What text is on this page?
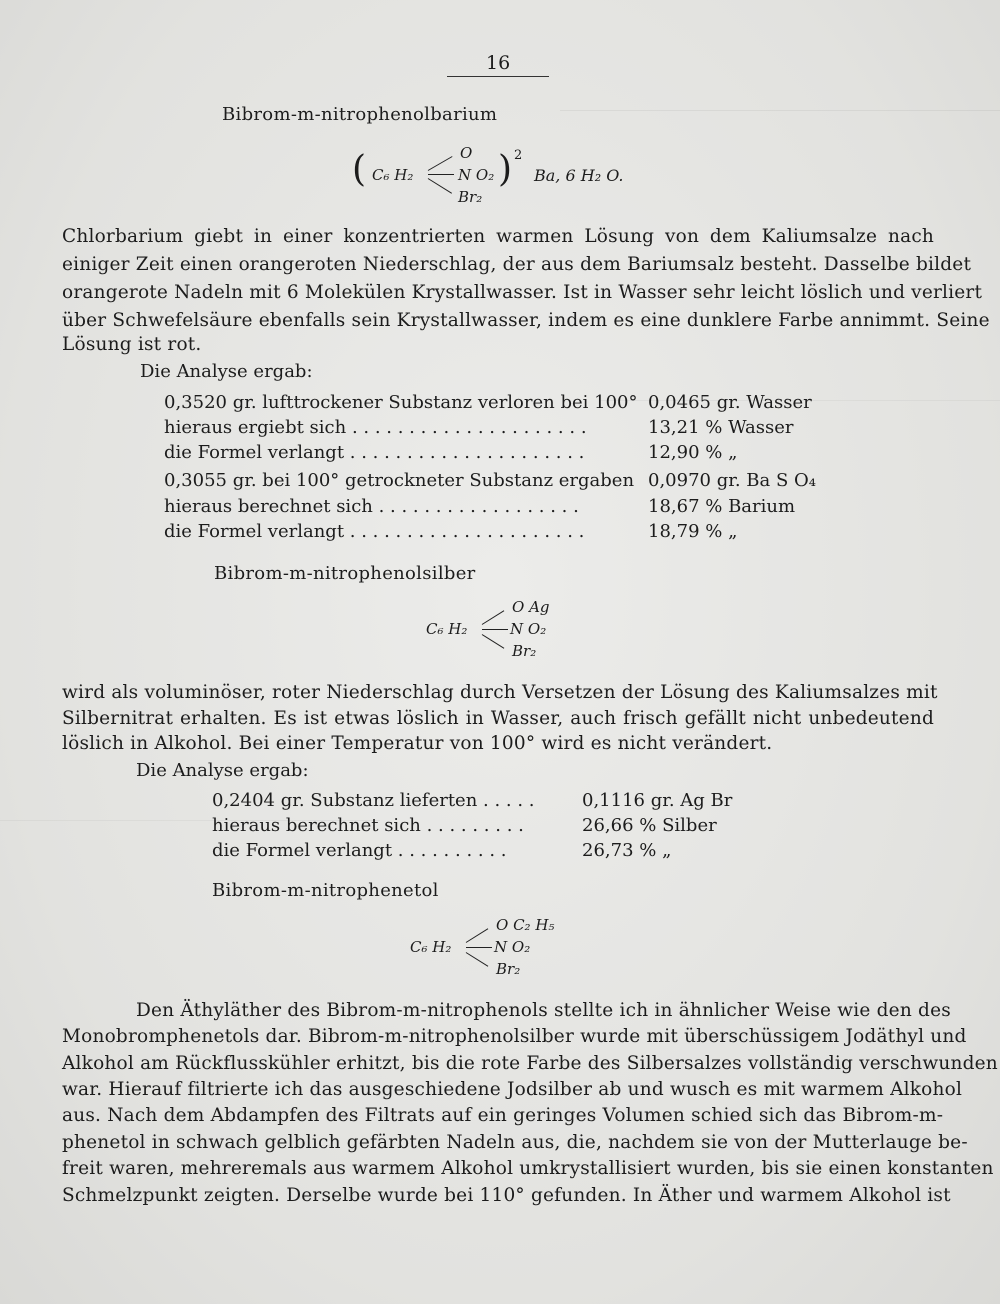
16
Bibrom-m-nitrophenolbarium
( C₆ H₂
O
N O₂
Br₂
) 2
Ba, 6 H₂ O.
Chlorbarium giebt in einer konzentrierten warmen Lösung von dem Kaliumsalze nach
einiger Zeit einen orangeroten Niederschlag, der aus dem Bariumsalz besteht. Dasselbe bildet
orangerote Nadeln mit 6 Molekülen Krystallwasser. Ist in Wasser sehr leicht löslich und verliert
über Schwefelsäure ebenfalls sein Krystallwasser, indem es eine dunklere Farbe annimmt. Seine
Lösung ist rot.
Die Analyse ergab:
0,3520 gr. lufttrockener Substanz verloren bei 100° 0,0465 gr. Wasser
hieraus ergiebt sich . . . . . . . . . . . . . . . . . . . . .	13,21 % Wasser
die Formel verlangt . . . . . . . . . . . . . . . . . . . . .	12,90 % „
0,3055 gr. bei 100° getrockneter Substanz ergaben 0,0970 gr. Ba S O₄
hieraus berechnet sich . . . . . . . . . . . . . . . . . .	18,67 % Barium
die Formel verlangt . . . . . . . . . . . . . . . . . . . . .	18,79 % „
Bibrom-m-nitrophenolsilber
C₆ H₂
O Ag
N O₂
Br₂
wird als voluminöser, roter Niederschlag durch Versetzen der Lösung des Kaliumsalzes mit
Silbernitrat erhalten. Es ist etwas löslich in Wasser, auch frisch gefällt nicht unbedeutend
löslich in Alkohol. Bei einer Temperatur von 100° wird es nicht verändert.
Die Analyse ergab:
0,2404 gr. Substanz lieferten . . . . .	0,1116 gr. Ag Br
hieraus berechnet sich . . . . . . . . .	26,66 % Silber
die Formel verlangt . . . . . . . . . .	26,73 % „
Bibrom-m-nitrophenetol
C₆ H₂
O C₂ H₅
N O₂
Br₂
Den Äthyläther des Bibrom-m-nitrophenols stellte ich in ähnlicher Weise wie den des
Monobromphenetols dar. Bibrom-m-nitrophenolsilber wurde mit überschüssigem Jodäthyl und
Alkohol am Rückflusskühler erhitzt, bis die rote Farbe des Silbersalzes vollständig verschwunden
war. Hierauf filtrierte ich das ausgeschiedene Jodsilber ab und wusch es mit warmem Alkohol
aus. Nach dem Abdampfen des Filtrats auf ein geringes Volumen schied sich das Bibrom-m-
phenetol in schwach gelblich gefärbten Nadeln aus, die, nachdem sie von der Mutterlauge be-
freit waren, mehreremals aus warmem Alkohol umkrystallisiert wurden, bis sie einen konstanten
Schmelzpunkt zeigten. Derselbe wurde bei 110° gefunden. In Äther und warmem Alkohol ist
